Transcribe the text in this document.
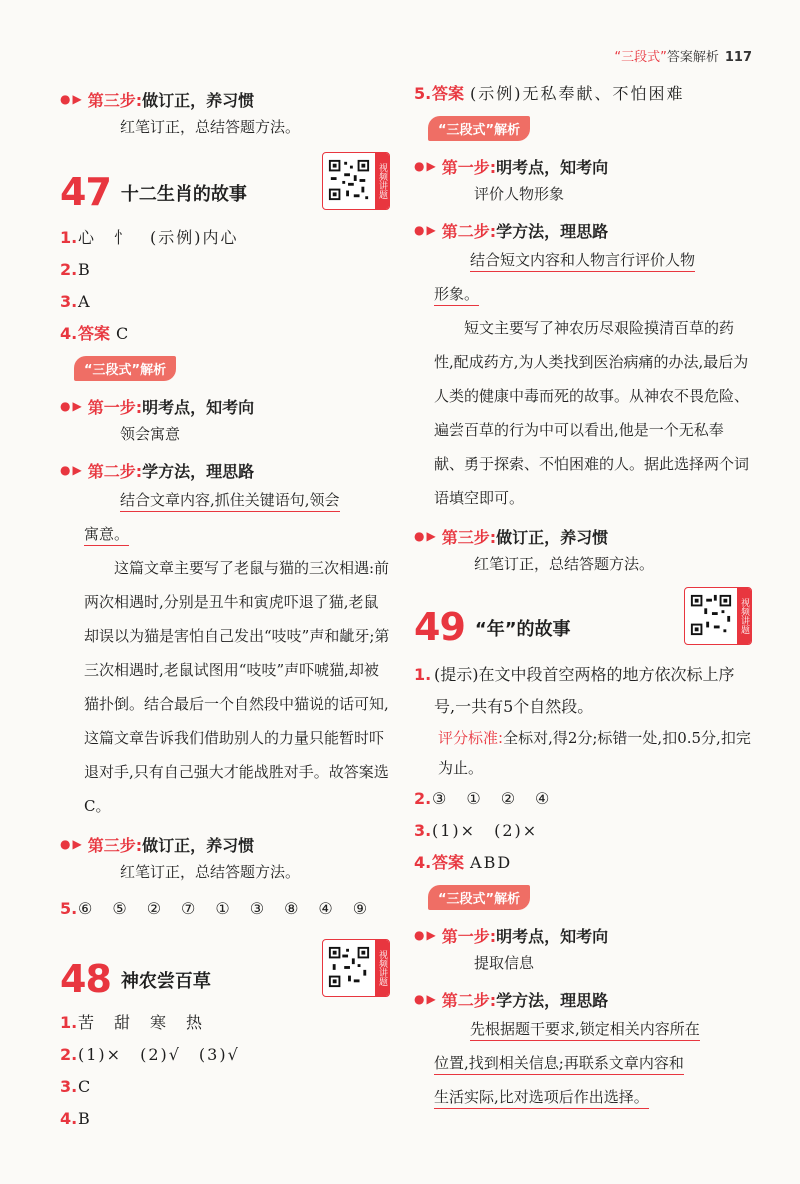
“三段式”答案解析 117
● ▶ 第三步: 做订正，养习惯
红笔订正，总结答题方法。
47 十二生肖的故事	视频讲题
1. 心　忄　(示例)内心
2. B
3. A
4. 答案 C
“三段式”解析
● ▶ 第一步: 明考点，知考向
领会寓意
● ▶ 第二步: 学方法，理思路
结合文章内容,抓住关键语句,领会
寓意。
这篇文章主要写了老鼠与猫的三次相遇:前两次相遇时,分别是丑牛和寅虎吓退了猫,老鼠却误以为猫是害怕自己发出“吱吱”声和龇牙;第三次相遇时,老鼠试图用“吱吱”声吓唬猫,却被猫扑倒。结合最后一个自然段中猫说的话可知,这篇文章告诉我们借助别人的力量只能暂时吓退对手,只有自己强大才能战胜对手。故答案选C。
● ▶ 第三步: 做订正，养习惯
红笔订正，总结答题方法。
5. ⑥　⑤　②　⑦　①　③　⑧　④　⑨
48 神农尝百草	视频讲题
1. 苦　甜　寒　热
2. (1)×　(2)√　(3)√
3. C
4. B
5. 答案 (示例)无私奉献、不怕困难
“三段式”解析
● ▶ 第一步: 明考点，知考向
评价人物形象
● ▶ 第二步: 学方法，理思路
结合短文内容和人物言行评价人物
形象。
短文主要写了神农历尽艰险摸清百草的药性,配成药方,为人类找到医治病痛的办法,最后为人类的健康中毒而死的故事。从神农不畏危险、遍尝百草的行为中可以看出,他是一个无私奉献、勇于探索、不怕困难的人。据此选择两个词语填空即可。
● ▶ 第三步: 做订正，养习惯
红笔订正，总结答题方法。
49 “年”的故事	视频讲题
1. (提示)在文中段首空两格的地方依次标上序号,一共有5个自然段。
评分标准:全标对,得2分;标错一处,扣0.5分,扣完为止。
2. ③　①　②　④
3. (1)×　(2)×
4. 答案 ABD
“三段式”解析
● ▶ 第一步: 明考点，知考向
提取信息
● ▶ 第二步: 学方法，理思路
先根据题干要求,锁定相关内容所在
位置,找到相关信息;再联系文章内容和
生活实际,比对选项后作出选择。
